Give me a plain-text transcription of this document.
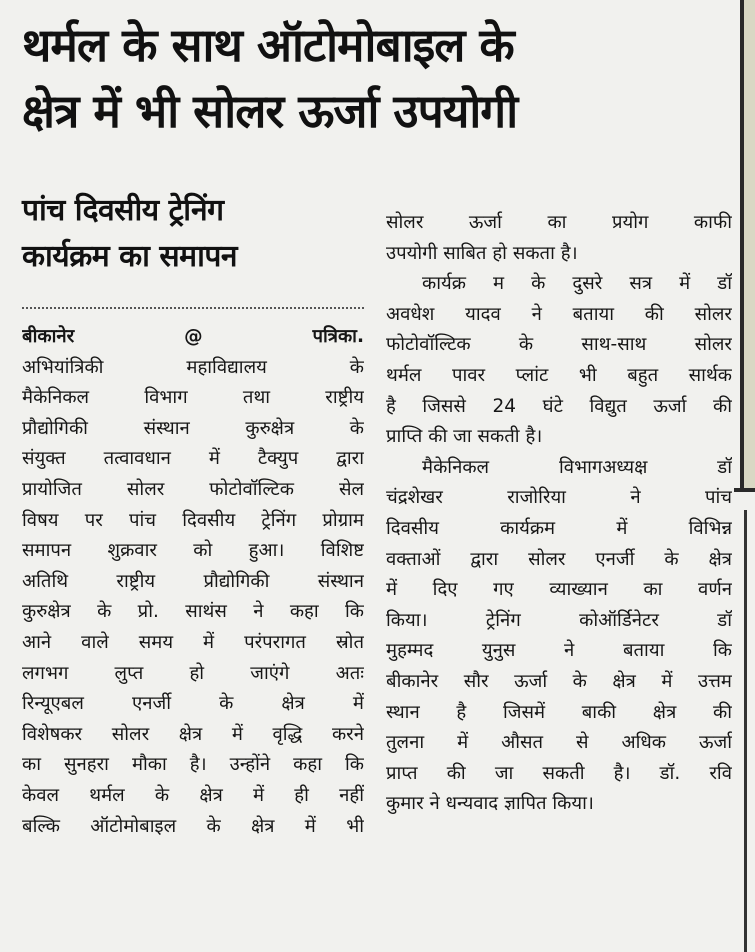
थर्मल के साथ ऑटोमोबाइल के
क्षेत्र में भी सोलर ऊर्जा उपयोगी
पांच दिवसीय ट्रेनिंग
कार्यक्रम का समापन
बीकानेर	@	पत्रिका.
अभियांत्रिकी महाविद्यालय के
मैकेनिकल विभाग तथा राष्ट्रीय
प्रौद्योगिकी संस्थान कुरुक्षेत्र के
संयुक्त तत्वावधान में टैक्युप द्वारा
प्रायोजित सोलर फोटोवॉल्टिक सेल
विषय पर पांच दिवसीय ट्रेनिंग प्रोग्राम
समापन शुक्रवार को हुआ। विशिष्ट
अतिथि राष्ट्रीय प्रौद्योगिकी संस्थान
कुरुक्षेत्र के प्रो. साथंस ने कहा कि
आने वाले समय में परंपरागत स्रोत
लगभग लुप्त हो जाएंगे अतः
रिन्यूएबल एनर्जी के क्षेत्र में
विशेषकर सोलर क्षेत्र में वृद्धि करने
का सुनहरा मौका है। उन्होंने कहा कि
केवल थर्मल के क्षेत्र में ही नहीं
बल्कि ऑटोमोबाइल के क्षेत्र में भी
सोलर ऊर्जा का प्रयोग काफी
उपयोगी साबित हो सकता है।
कार्यक्र म के दुसरे सत्र में डॉ
अवधेश यादव ने बताया की सोलर
फोटोवॉल्टिक के साथ-साथ सोलर
थर्मल पावर प्लांट भी बहुत सार्थक
है जिससे 24 घंटे विद्युत ऊर्जा की
प्राप्ति की जा सकती है।
मैकेनिकल विभागअध्यक्ष डॉ
चंद्रशेखर राजोरिया ने पांच
दिवसीय कार्यक्रम में विभिन्न
वक्ताओं द्वारा सोलर एनर्जी के क्षेत्र
में दिए गए व्याख्यान का वर्णन
किया। ट्रेनिंग कोऑर्डिनेटर डॉ
मुहम्मद युनुस ने बताया कि
बीकानेर सौर ऊर्जा के क्षेत्र में उत्तम
स्थान है जिसमें बाकी क्षेत्र की
तुलना में औसत से अधिक ऊर्जा
प्राप्त की जा सकती है। डॉ. रवि
कुमार ने धन्यवाद ज्ञापित किया।
